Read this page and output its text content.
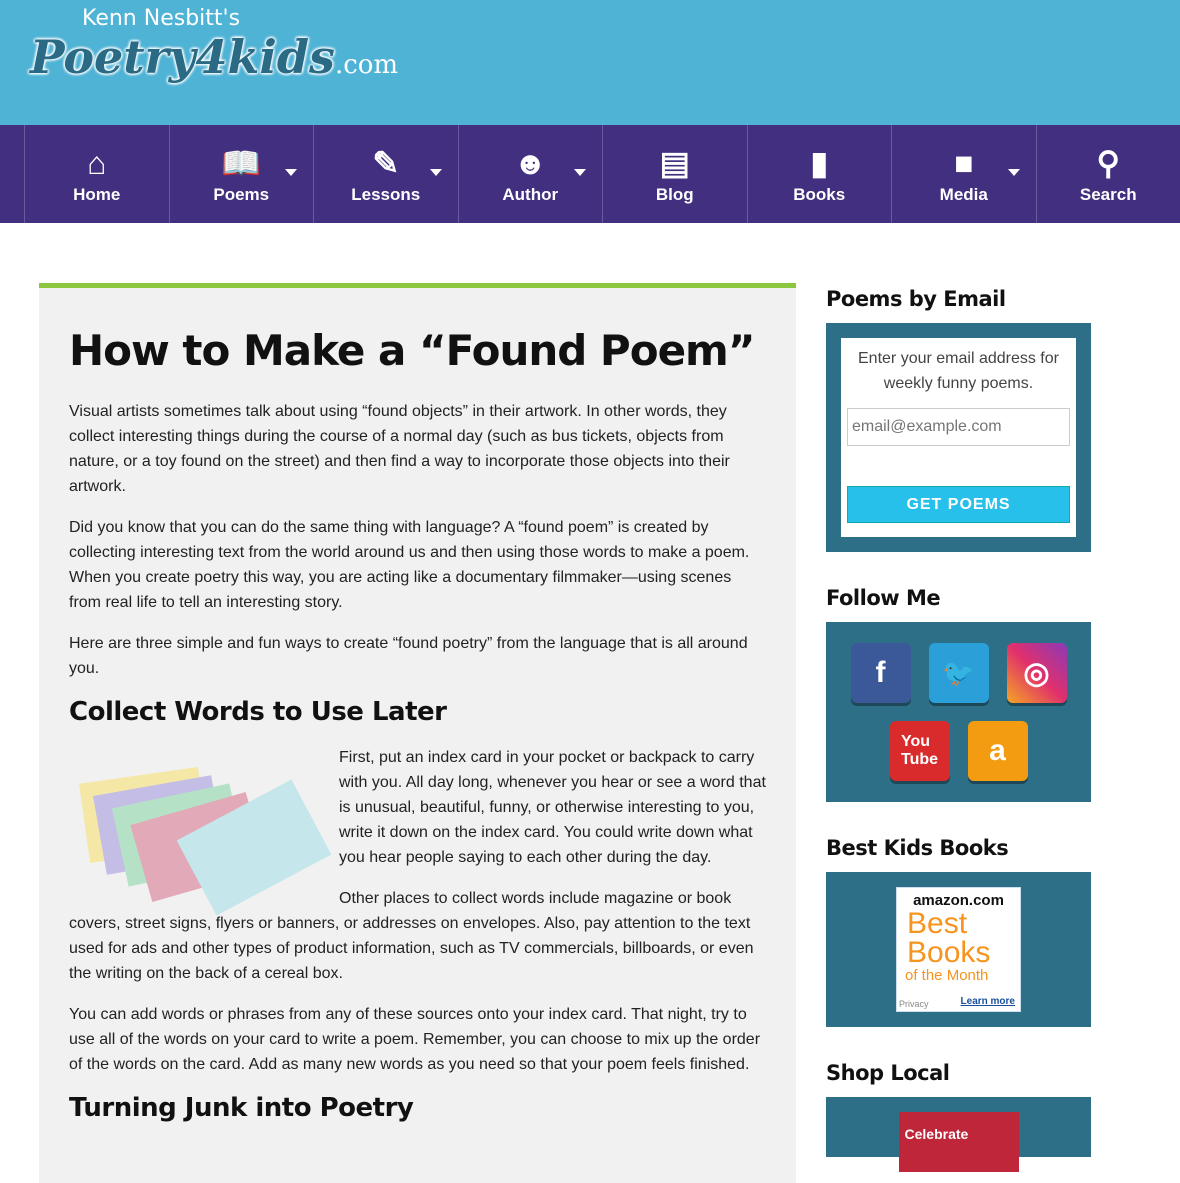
Kenn Nesbitt's
Poetry4kids.com
⌂
Home
📖
Poems
✎
Lessons
☻
Author
▤
Blog
▮
Books
■
Media
⚲
Search
How to Make a “Found Poem”

Visual artists sometimes talk about using “found objects” in their artwork. In other words, they collect interesting things during the course of a normal day (such as bus tickets, objects from nature, or a toy found on the street) and then find a way to incorporate those objects into their artwork.

Did you know that you can do the same thing with language? A “found poem” is created by collecting interesting text from the world around us and then using those words to make a poem. When you create poetry this way, you are acting like a documentary filmmaker—using scenes from real life to tell an interesting story.

Here are three simple and fun ways to create “found poetry” from the language that is all around you.

Collect Words to Use Later

First, put an index card in your pocket or backpack to carry with you. All day long, whenever you hear or see a word that is unusual, beautiful, funny, or otherwise interesting to you, write it down on the index card. You could write down what you hear people saying to each other during the day.

Other places to collect words include magazine or book covers, street signs, flyers or banners, or addresses on envelopes. Also, pay attention to the text used for ads and other types of product information, such as TV commercials, billboards, or even the writing on the back of a cereal box.

You can add words or phrases from any of these sources onto your index card. That night, try to use all of the words on your card to write a poem. Remember, you can choose to mix up the order of the words on the card. Add as many new words as you need so that your poem feels finished.

Turning Junk into Poetry
Poems by Email
Enter your email address for weekly funny poems.
email@example.com GET POEMS
Follow Me
f	🐦	◎
You
Tube	a
Best Kids Books
amazon.com
Best
Books
of the Month
Privacy	Learn more
Shop Local
Celebrate
